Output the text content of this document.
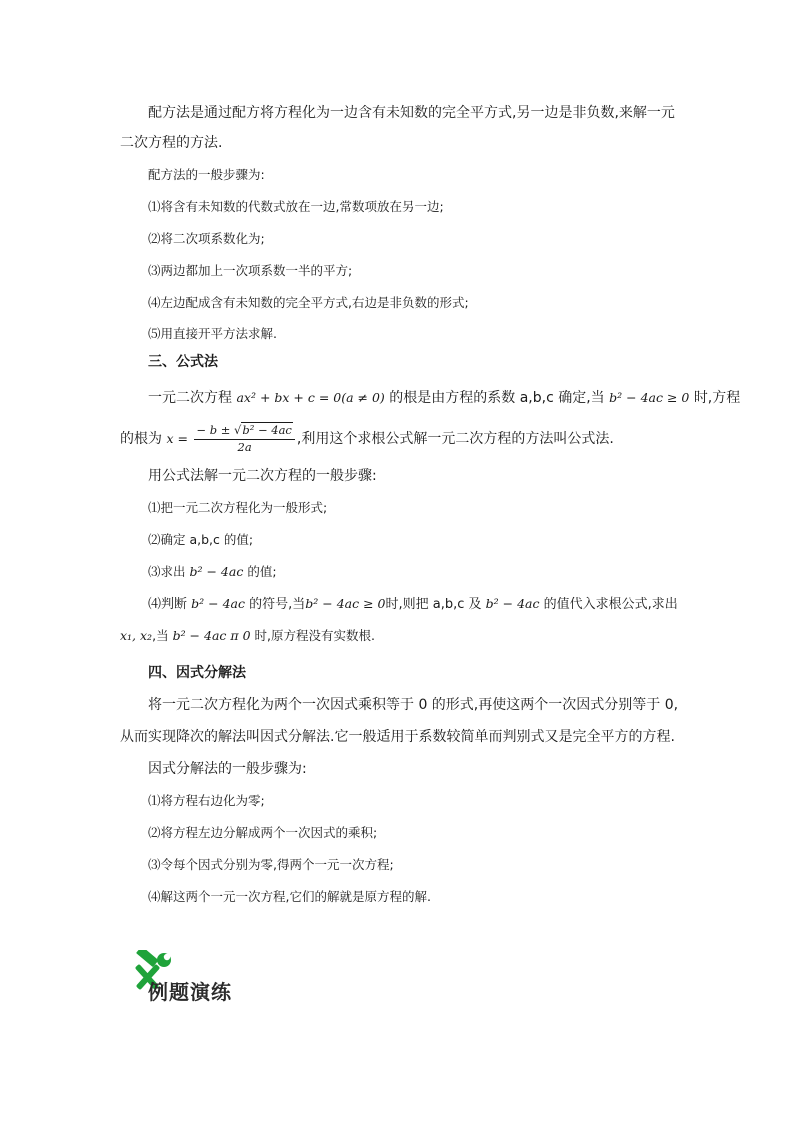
配方法是通过配方将方程化为一边含有未知数的完全平方式,另一边是非负数,来解一元
二次方程的方法.
配方法的一般步骤为:
⑴将含有未知数的代数式放在一边,常数项放在另一边;
⑵将二次项系数化为;
⑶两边都加上一次项系数一半的平方;
⑷左边配成含有未知数的完全平方式,右边是非负数的形式;
⑸用直接开平方法求解.
三、公式法
一元二次方程 ax² + bx + c = 0(a ≠ 0) 的根是由方程的系数 a,b,c 确定,当 b² − 4ac ≥ 0 时,方程
的根为 $x = \frac{\text{− b ± √b² − 4ac}}{2a}$ ,利用这个求根公式解一元二次方程的方法叫公式法.
用公式法解一元二次方程的一般步骤:
⑴把一元二次方程化为一般形式;
⑵确定 a,b,c 的值;
⑶求出 b² − 4ac 的值;
⑷判断 b² − 4ac 的符号,当b² − 4ac ≥ 0时,则把 a,b,c 及 b² − 4ac 的值代入求根公式,求出
x₁, x₂,当 b² − 4ac π 0 时,原方程没有实数根.
四、因式分解法
将一元二次方程化为两个一次因式乘积等于 0 的形式,再使这两个一次因式分别等于 0,
从而实现降次的解法叫因式分解法.它一般适用于系数较简单而判别式又是完全平方的方程.
因式分解法的一般步骤为:
⑴将方程右边化为零;
⑵将方程左边分解成两个一次因式的乘积;
⑶令每个因式分别为零,得两个一元一次方程;
⑷解这两个一元一次方程,它们的解就是原方程的解.
例题演练
